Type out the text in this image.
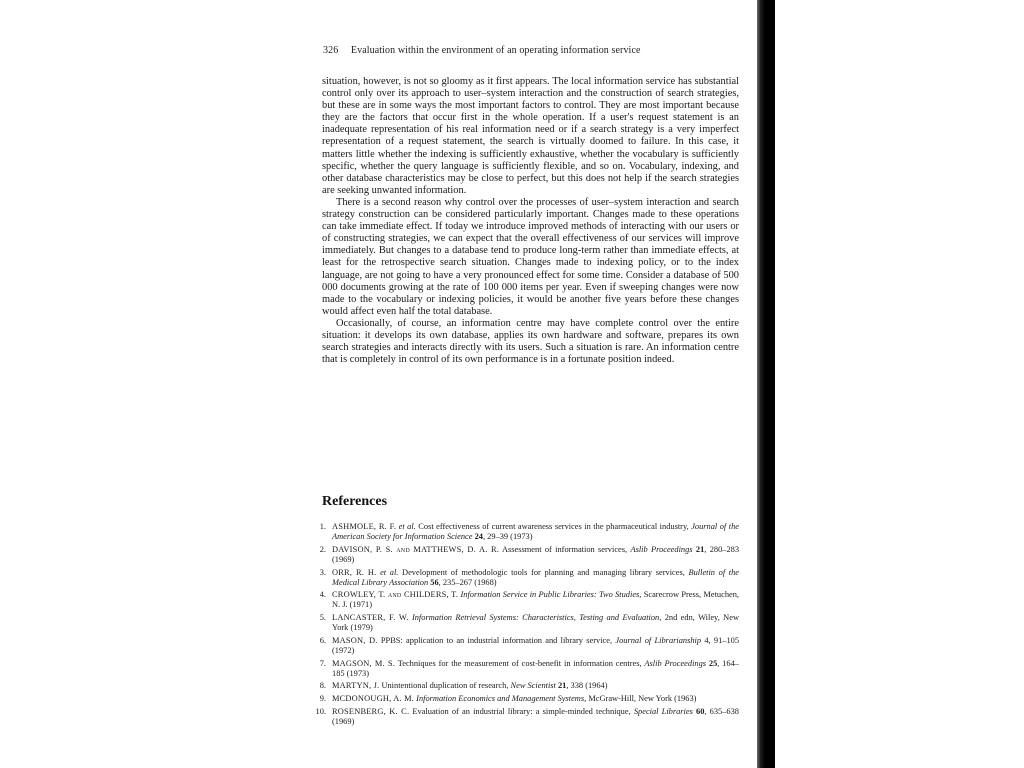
326 Evaluation within the environment of an operating information service

situation, however, is not so gloomy as it first appears. The local information service has substantial control only over its approach to user–system interaction and the construction of search strategies, but these are in some ways the most important factors to control. They are most important because they are the factors that occur first in the whole operation. If a user's request statement is an inadequate representation of his real information need or if a search strategy is a very imperfect representation of a request statement, the search is virtually doomed to failure. In this case, it matters little whether the indexing is sufficiently exhaustive, whether the vocabulary is sufficiently specific, whether the query language is sufficiently flexible, and so on. Vocabulary, indexing, and other database characteristics may be close to perfect, but this does not help if the search strategies are seeking unwanted information.

There is a second reason why control over the processes of user–system interaction and search strategy construction can be considered particularly important. Changes made to these operations can take immediate effect. If today we introduce improved methods of interacting with our users or of constructing strategies, we can expect that the overall effectiveness of our services will improve immediately. But changes to a database tend to produce long-term rather than immediate effects, at least for the retrospective search situation. Changes made to indexing policy, or to the index language, are not going to have a very pronounced effect for some time. Consider a database of 500 000 documents growing at the rate of 100 000 items per year. Even if sweeping changes were now made to the vocabulary or indexing policies, it would be another five years before these changes would affect even half the total database.

Occasionally, of course, an information centre may have complete control over the entire situation: it develops its own database, applies its own hardware and software, prepares its own search strategies and interacts directly with its users. Such a situation is rare. An information centre that is completely in control of its own performance is in a fortunate position indeed.

References
1. ASHMOLE, R. F. et al. Cost effectiveness of current awareness services in the pharmaceutical industry, Journal of the American Society for Information Science 24, 29–39 (1973)
2. DAVISON, P. S. and MATTHEWS, D. A. R. Assessment of information services, Aslib Proceedings 21, 280–283 (1969)
3. ORR, R. H. et al. Development of methodologic tools for planning and managing library services, Bulletin of the Medical Library Association 56, 235–267 (1968)
4. CROWLEY, T. and CHILDERS, T. Information Service in Public Libraries: Two Studies, Scarecrow Press, Metuchen, N. J. (1971)
5. LANCASTER, F. W. Information Retrieval Systems: Characteristics, Testing and Evaluation, 2nd edn, Wiley, New York (1979)
6. MASON, D. PPBS: application to an industrial information and library service, Journal of Librarianship 4, 91–105 (1972)
7. MAGSON, M. S. Techniques for the measurement of cost-benefit in information centres, Aslib Proceedings 25, 164–185 (1973)
8. MARTYN, J. Unintentional duplication of research, New Scientist 21, 338 (1964)
9. MCDONOUGH, A. M. Information Economics and Management Systems, McGraw-Hill, New York (1963)
10. ROSENBERG, K. C. Evaluation of an industrial library: a simple-minded technique, Special Libraries 60, 635–638 (1969)
